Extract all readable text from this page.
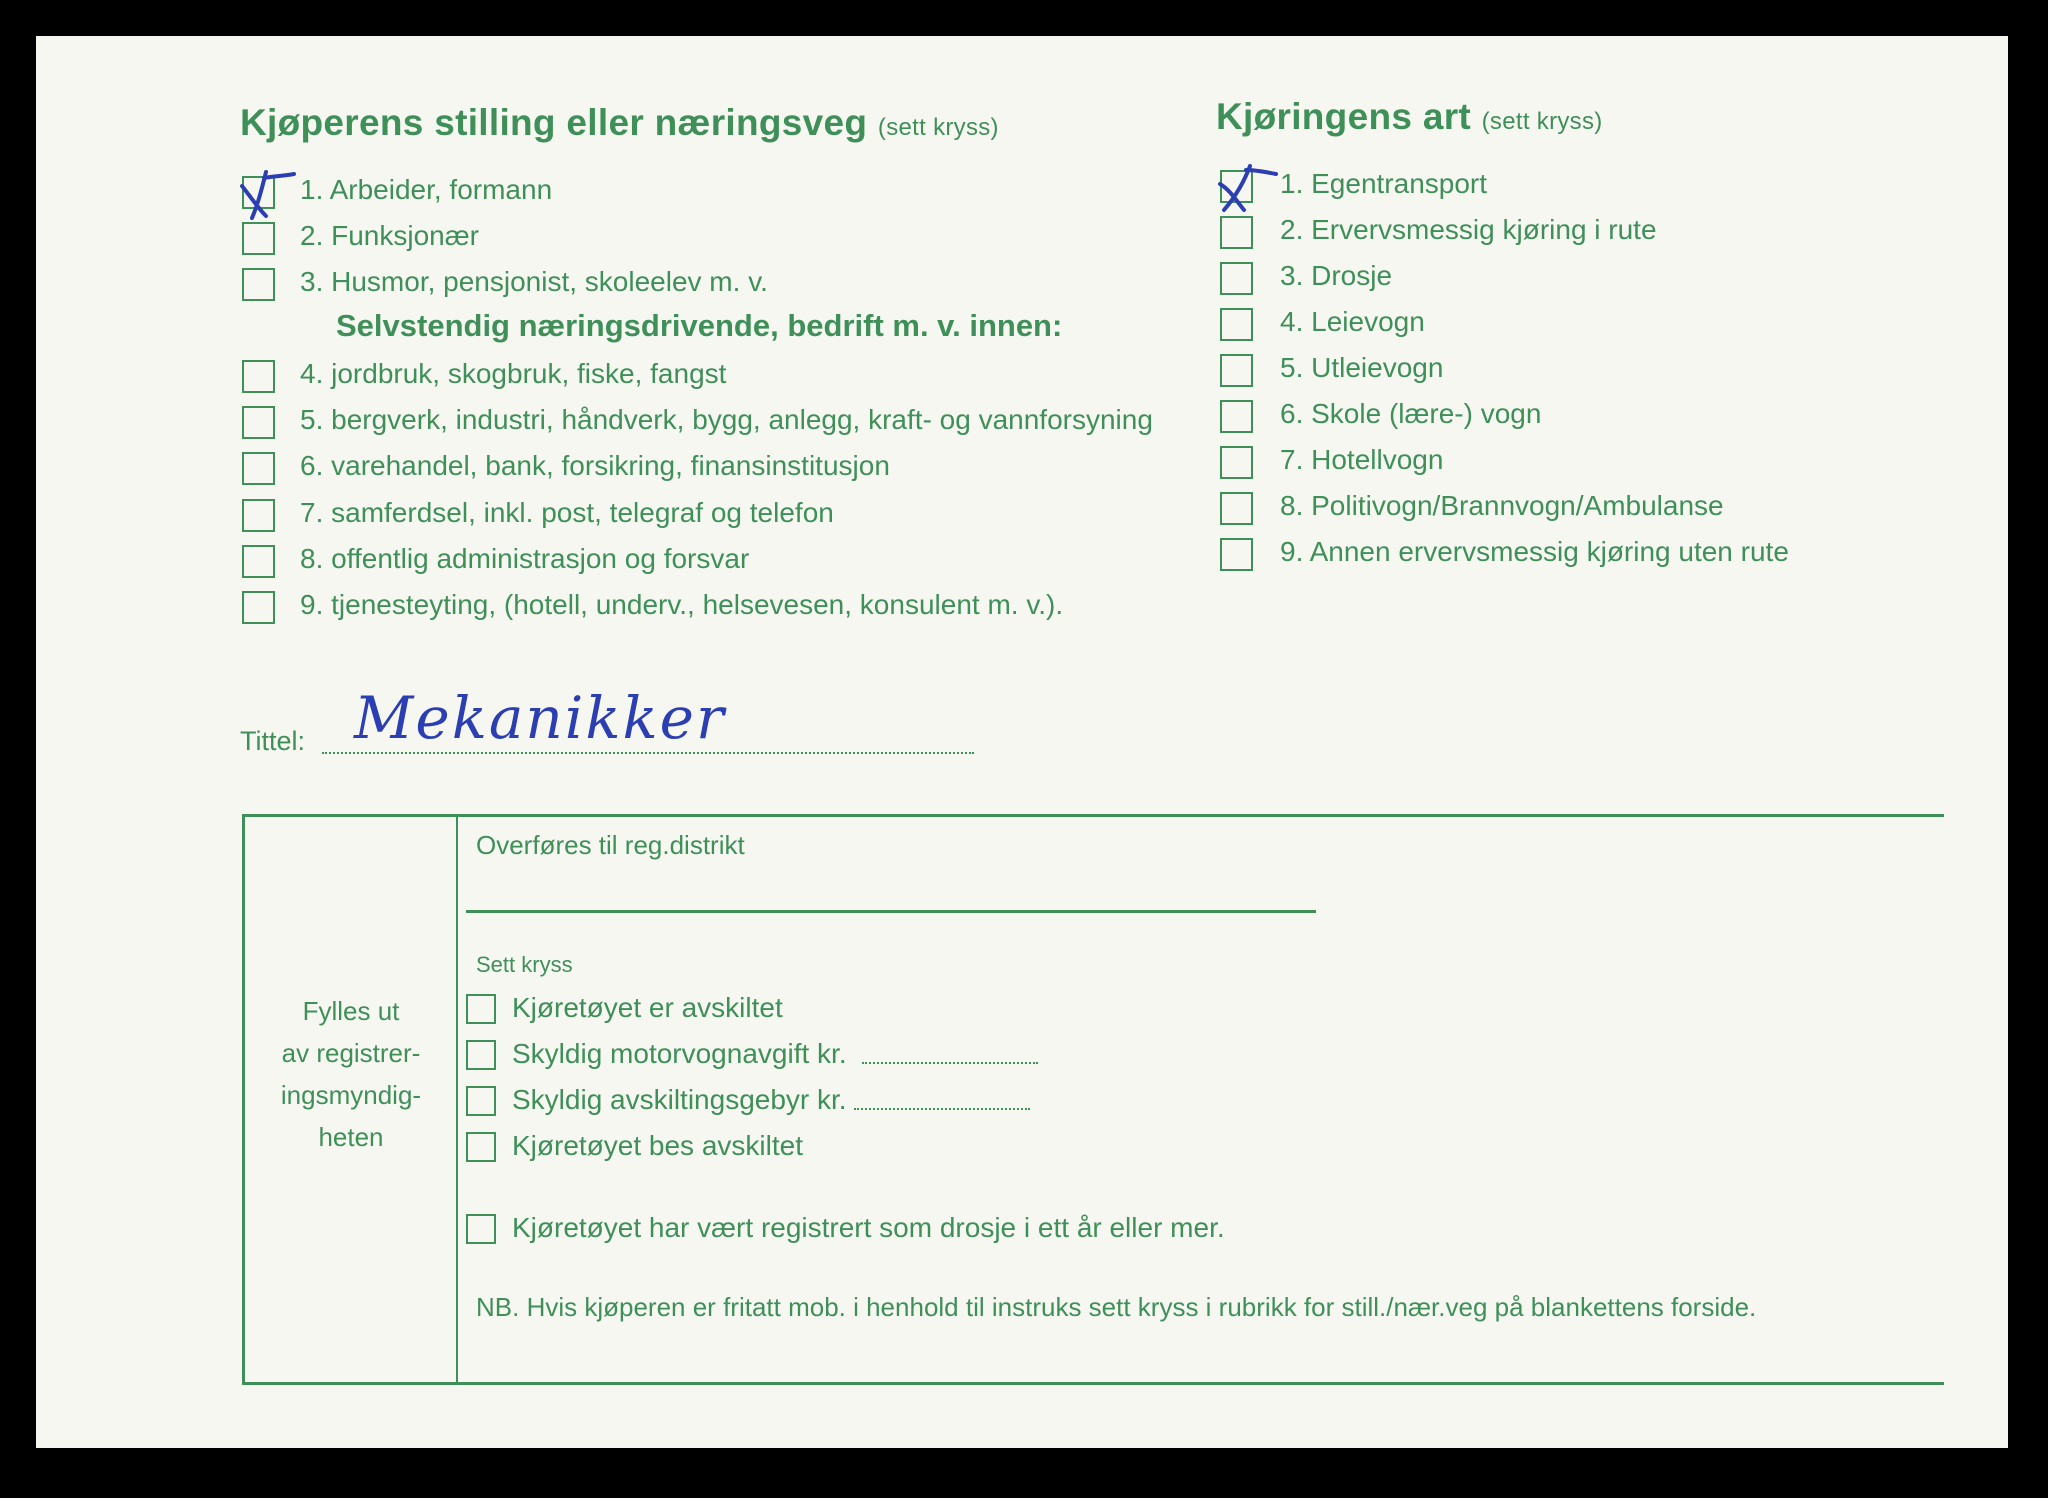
Kjøperens stilling eller næringsveg (sett kryss)
1. Arbeider, formann
2. Funksjonær
3. Husmor, pensjonist, skoleelev m. v.
Selvstendig næringsdrivende, bedrift m. v. innen:
4. jordbruk, skogbruk, fiske, fangst
5. bergverk, industri, håndverk, bygg, anlegg, kraft- og vannforsyning
6. varehandel, bank, forsikring, finansinstitusjon
7. samferdsel, inkl. post, telegraf og telefon
8. offentlig administrasjon og forsvar
9. tjenesteyting, (hotell, underv., helsevesen, konsulent m. v.).
Kjøringens art (sett kryss)
1. Egentransport
2. Ervervsmessig kjøring i rute
3. Drosje
4. Leievogn
5. Utleievogn
6. Skole (lære-) vogn
7. Hotellvogn
8. Politivogn/Brannvogn/Ambulanse
9. Annen ervervsmessig kjøring uten rute
Tittel: Mekanikker
Fylles ut
av registrer-
ingsmyndig-
heten
Overføres til reg.distrikt
Sett kryss
Kjøretøyet er avskiltet
Skyldig motorvognavgift kr.
Skyldig avskiltingsgebyr kr.
Kjøretøyet bes avskiltet
Kjøretøyet har vært registrert som drosje i ett år eller mer.
NB. Hvis kjøperen er fritatt mob. i henhold til instruks sett kryss i rubrikk for still./nær.veg på blankettens forside.
